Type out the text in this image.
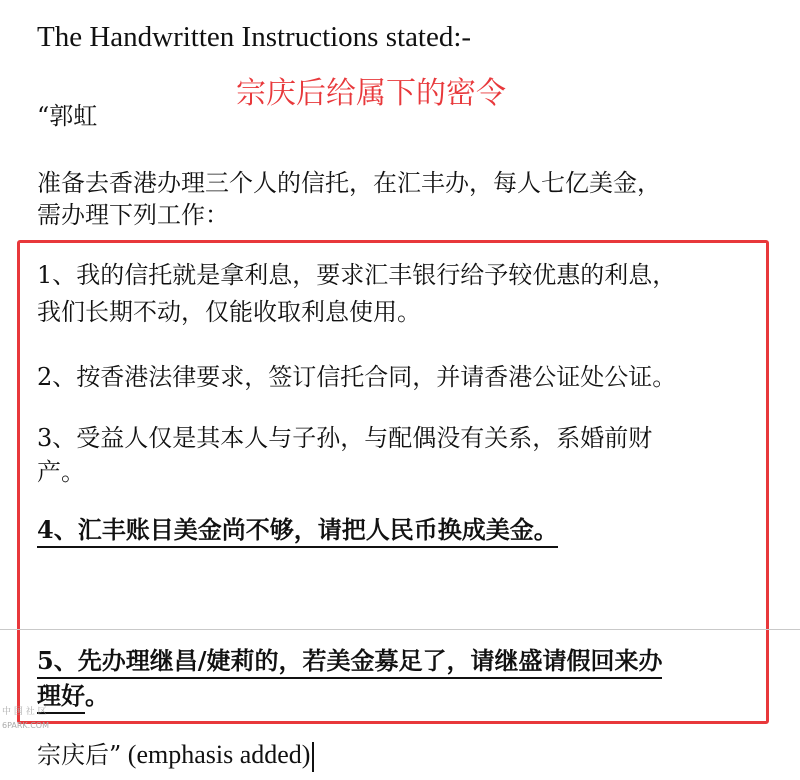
The Handwritten Instructions stated:-
宗庆后给属下的密令
“郭虹
准备去香港办理三个人的信托，在汇丰办，每人七亿美金，
需办理下列工作：
1、我的信托就是拿利息，要求汇丰银行给予较优惠的利息，
我们长期不动，仅能收取利息使用。
2、按香港法律要求，签订信托合同，并请香港公证处公证。
3、受益人仅是其本人与子孙，与配偶没有关系，系婚前财
产。
4、汇丰账目美金尚不够，请把人民币换成美金。
5、先办理继昌/婕莉的，若美金募足了，请继盛请假回来办
理好。
中 国 社 区
6PARK.COM
宗庆后” (emphasis added)
